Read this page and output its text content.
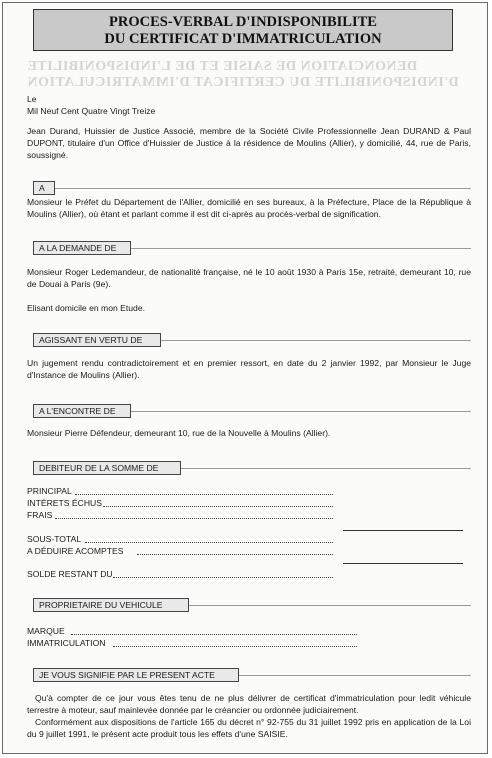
DENONCIATION DE SAISIE ET DE L'INDISPONIBILITE
D'INDISPONIBILITE DU CERTIFICAT D'IMMATRICULATION
PROCES-VERBAL D'INDISPONIBILITE
DU CERTIFICAT D'IMMATRICULATION
Le
Mil Neuf Cent Quatre Vingt Treize
Jean Durand, Huissier de Justice Associé, membre de la Société Civile Professionnelle Jean DURAND & Paul DUPONT, titulaire d'un Office d'Huissier de Justice à la résidence de Moulins (Allier), y domicilié, 44, rue de Paris, soussigné.
A
Monsieur le Préfet du Département de l'Allier, domicilié en ses bureaux, à la Préfecture, Place de la République à Moulins (Allier), où étant et parlant comme il est dit ci-après au procès-verbal de signification.
A LA DEMANDE DE
Monsieur Roger Ledemandeur, de nationalité française, né le 10 août 1930 à Paris 15e, retraité, demeurant 10, rue de Douai à Paris (9e).
Elisant domicile en mon Etude.
AGISSANT EN VERTU DE
Un jugement rendu contradictoirement et en premier ressort, en date du 2 janvier 1992, par Monsieur le Juge d'Instance de Moulins (Allier).
A L'ENCONTRE DE
Monsieur Pierre Défendeur, demeurant 10, rue de la Nouvelle à Moulins (Allier).
DEBITEUR DE LA SOMME DE
PRINCIPAL
INTÉRETS ÉCHUS
FRAIS
SOUS-TOTAL
A DÉDUIRE ACOMPTES
SOLDE RESTANT DU
PROPRIETAIRE DU VEHICULE
MARQUE
IMMATRICULATION
JE VOUS SIGNIFIE PAR LE PRESENT ACTE
Qu'à compter de ce jour vous êtes tenu de ne plus délivrer de certificat d'immatriculation pour ledit véhicule terrestre à moteur, sauf mainlevée donnée par le créancier ou ordonnée judiciairement.
Conformément aux dispositions de l'article 165 du décret n° 92-755 du 31 juillet 1992 pris en application de la Loi du 9 juillet 1991, le présent acte produit tous les effets d'une SAISIE.
